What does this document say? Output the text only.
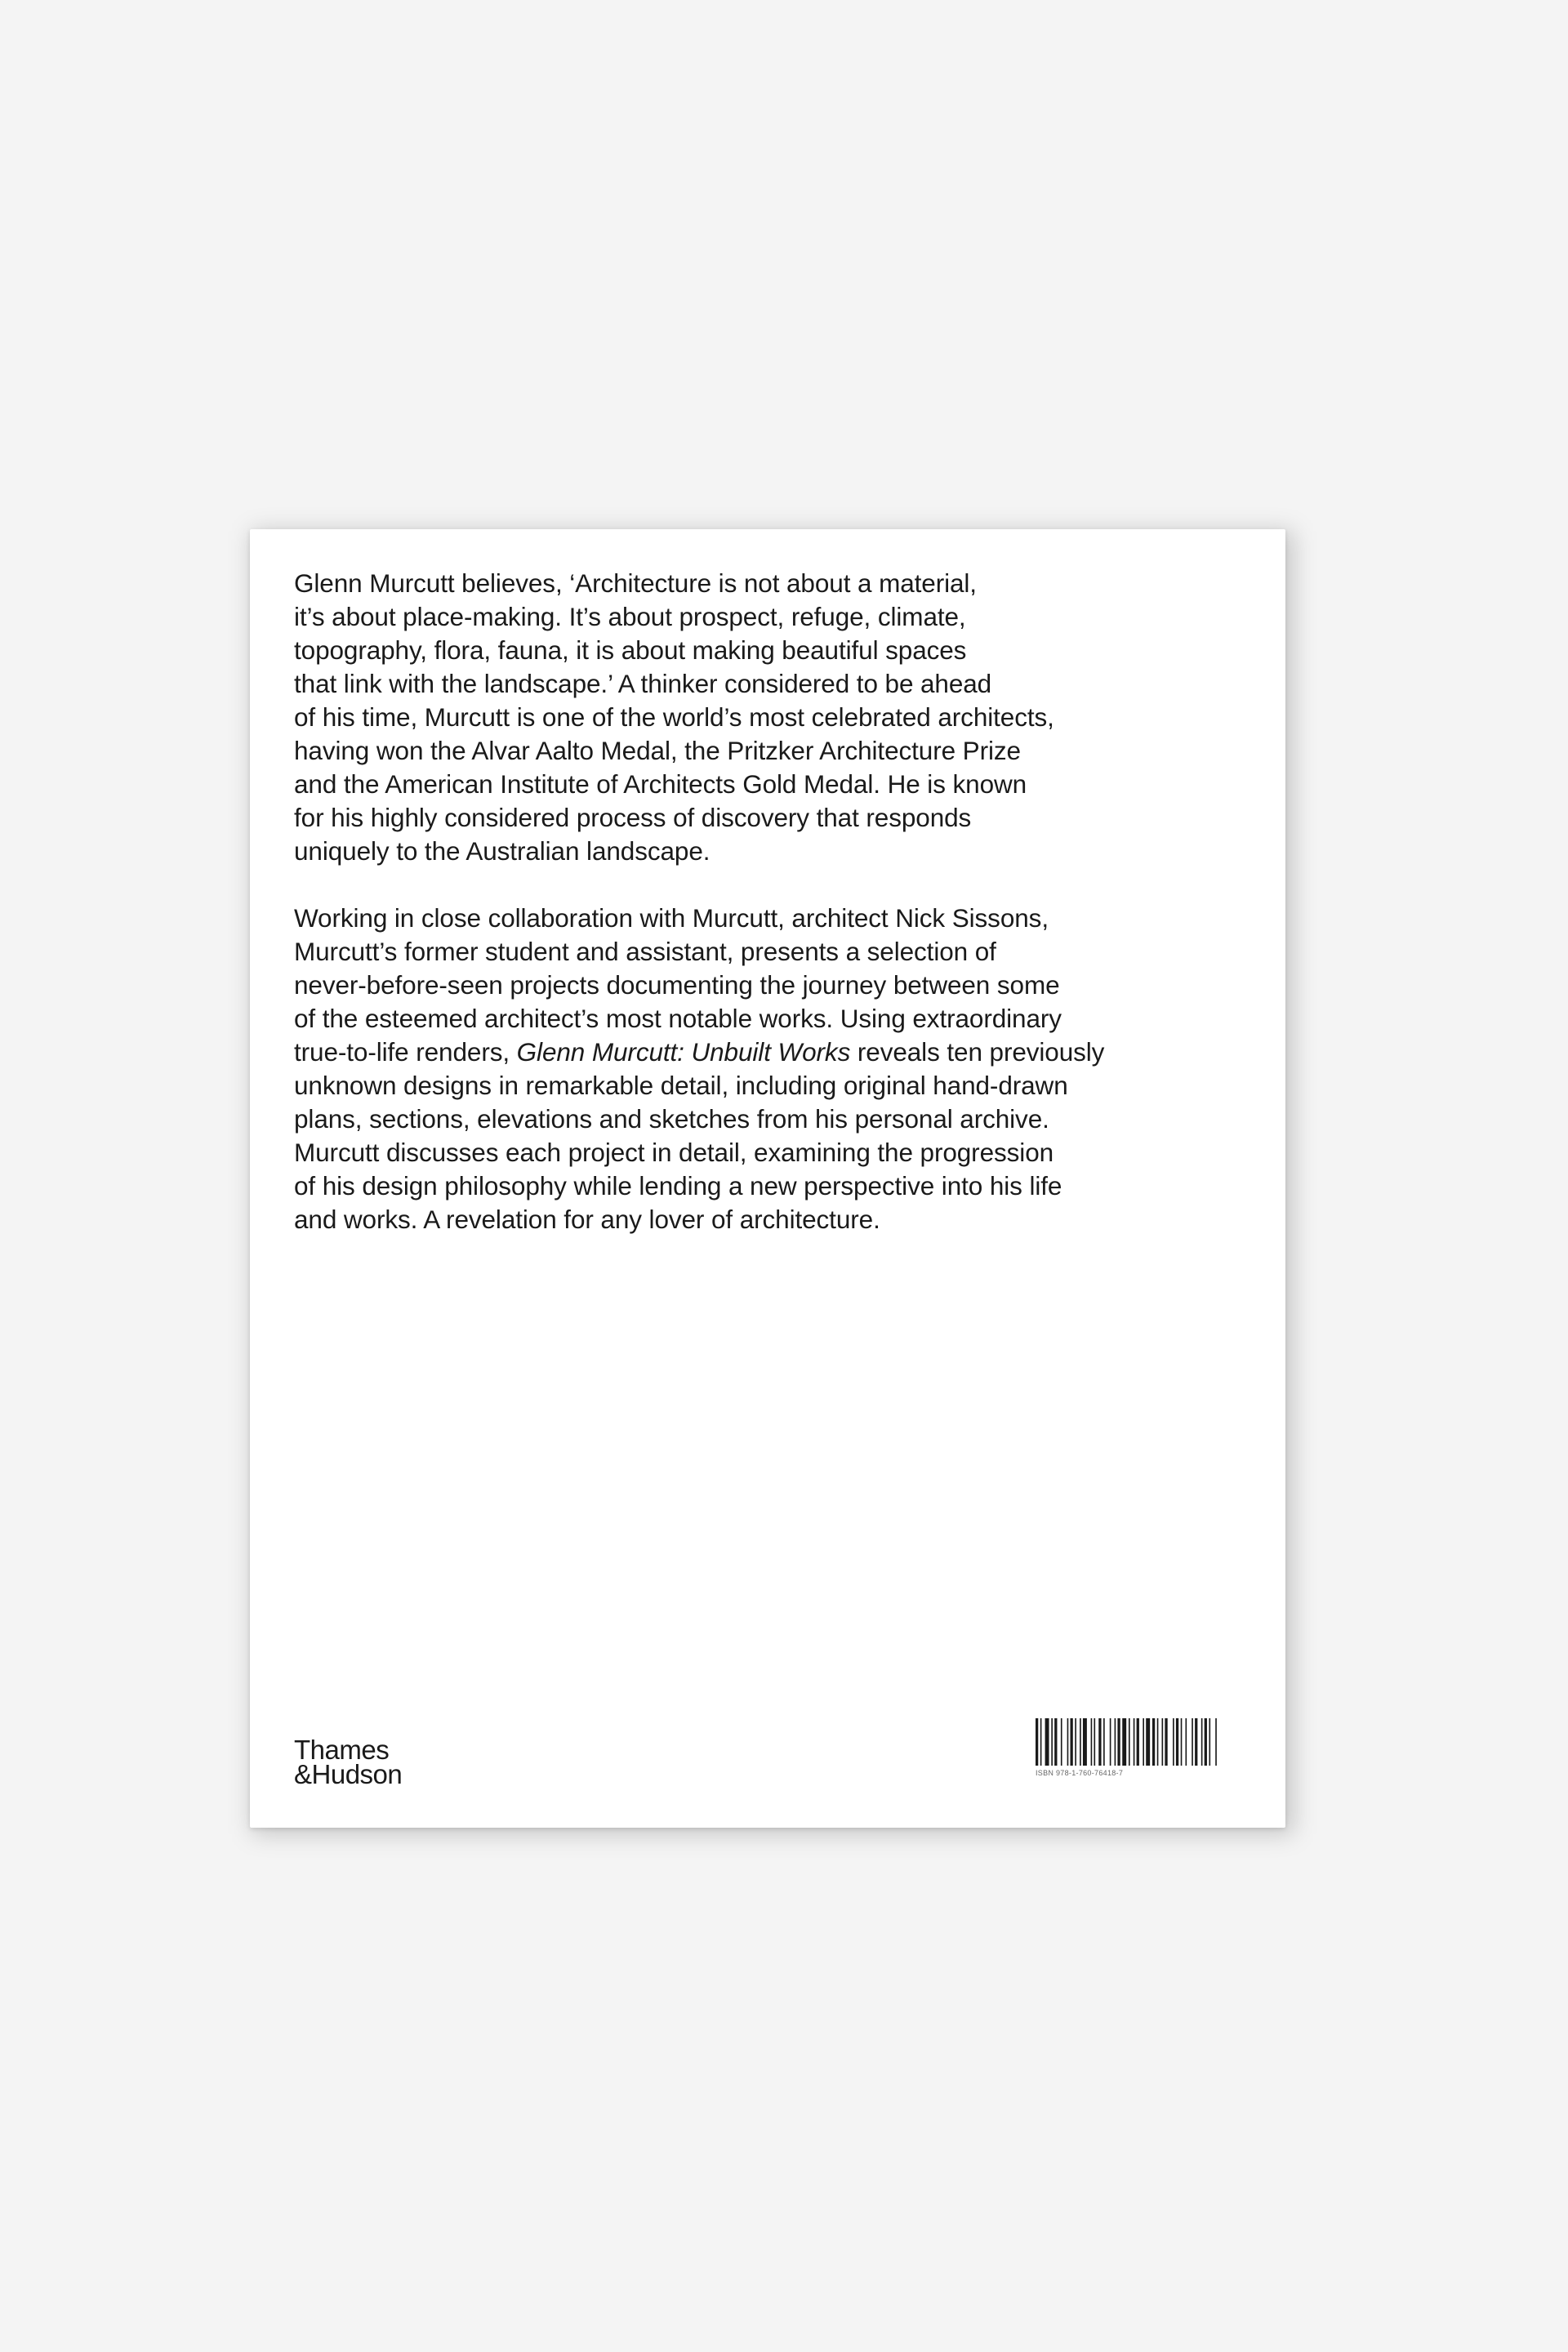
Glenn Murcutt believes, ‘Architecture is not about a material,
it’s about place-making. It’s about prospect, refuge, climate,
topography, flora, fauna, it is about making beautiful spaces
that link with the landscape.’ A thinker considered to be ahead
of his time, Murcutt is one of the world’s most celebrated architects,
having won the Alvar Aalto Medal, the Pritzker Architecture Prize
and the American Institute of Architects Gold Medal. He is known
for his highly considered process of discovery that responds
uniquely to the Australian landscape.
Working in close collaboration with Murcutt, architect Nick Sissons,
Murcutt’s former student and assistant, presents a selection of
never-before-seen projects documenting the journey between some
of the esteemed architect’s most notable works. Using extraordinary
true-to-life renders, Glenn Murcutt: Unbuilt Works reveals ten previously
unknown designs in remarkable detail, including original hand-drawn
plans, sections, elevations and sketches from his personal archive.
Murcutt discusses each project in detail, examining the progression
of his design philosophy while lending a new perspective into his life
and works. A revelation for any lover of architecture.
Thames
&Hudson	ISBN 978-1-760-76418-7
